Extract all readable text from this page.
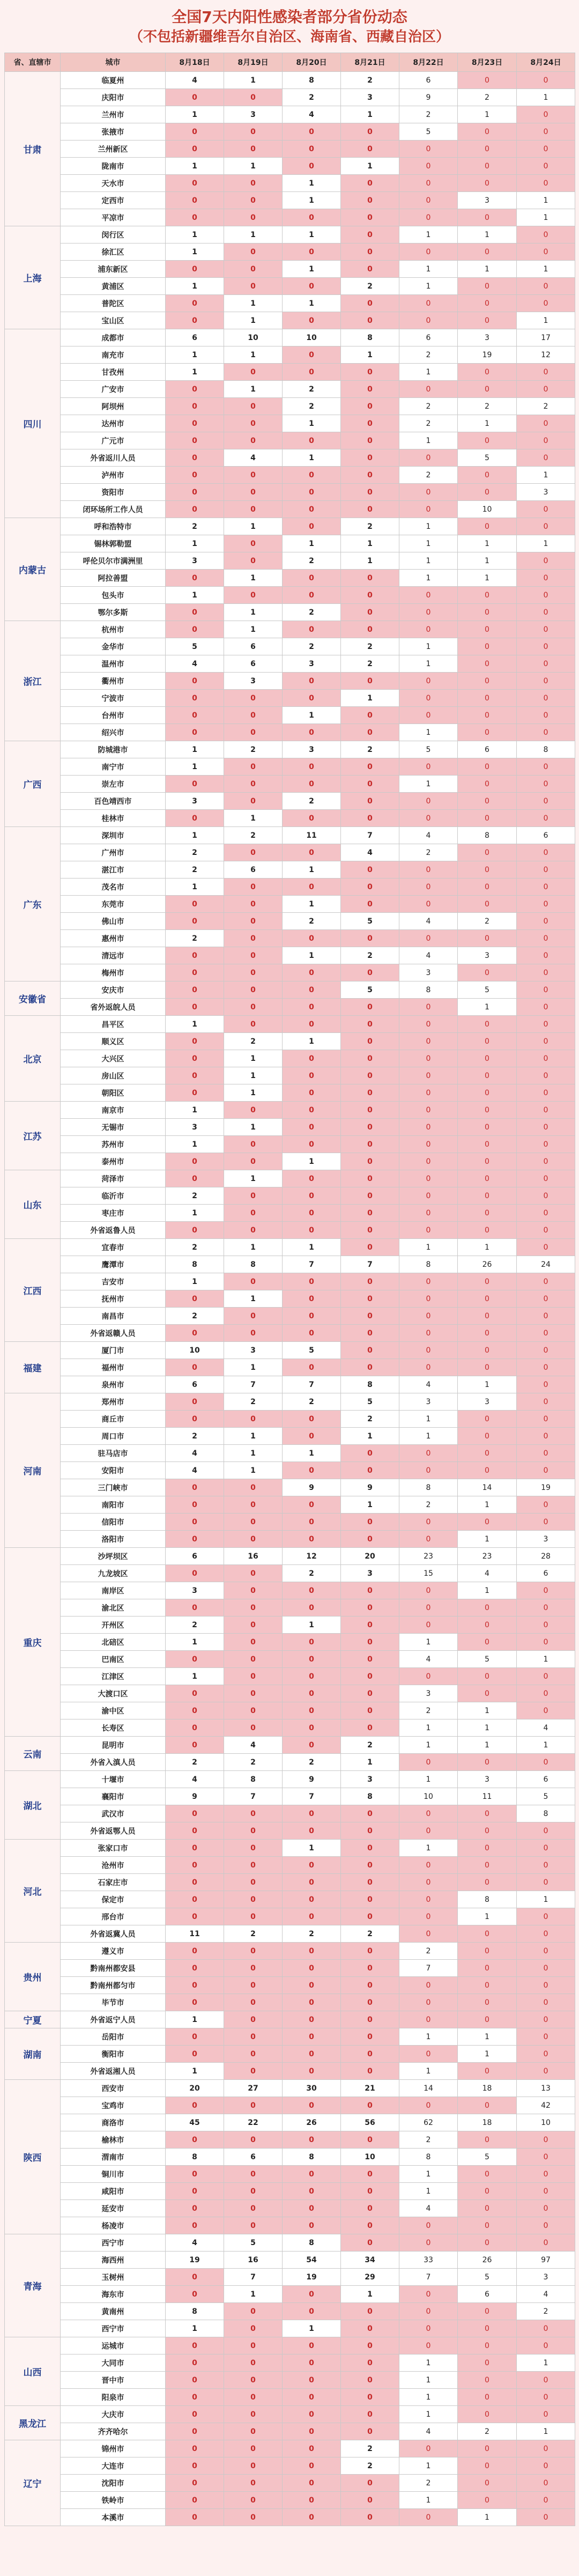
全国7天内阳性感染者部分省份动态
（不包括新疆维吾尔自治区、海南省、西藏自治区）
省、直辖市	城市	8月18日	8月19日	8月20日	8月21日	8月22日	8月23日	8月24日
甘肃	临夏州	4	1	8	2	6	0	0
	庆阳市	0	0	2	3	9	2	1
	兰州市	1	3	4	1	2	1	0
	张掖市	0	0	0	0	5	0	0
	兰州新区	0	0	0	0	0	0	0
	陇南市	1	1	0	1	0	0	0
	天水市	0	0	1	0	0	0	0
	定西市	0	0	1	0	0	3	1
	平凉市	0	0	0	0	0	0	1
上海	闵行区	1	1	1	0	1	1	0
	徐汇区	1	0	0	0	0	0	0
	浦东新区	0	0	1	0	1	1	1
	黄浦区	1	0	0	2	1	0	0
	普陀区	0	1	1	0	0	0	0
	宝山区	0	1	0	0	0	0	1
四川	成都市	6	10	10	8	6	3	17
	南充市	1	1	0	1	2	19	12
	甘孜州	1	0	0	0	1	0	0
	广安市	0	1	2	0	0	0	0
	阿坝州	0	0	2	0	2	2	2
	达州市	0	0	1	0	2	1	0
	广元市	0	0	0	0	1	0	0
	外省返川人员	0	4	1	0	0	5	0
	泸州市	0	0	0	0	2	0	1
	资阳市	0	0	0	0	0	0	3
	闭环场所工作人员	0	0	0	0	0	10	0
内蒙古	呼和浩特市	2	1	0	2	1	0	0
	锡林郭勒盟	1	0	1	1	1	1	1
	呼伦贝尔市满洲里	3	0	2	1	1	1	0
	阿拉善盟	0	1	0	0	1	1	0
	包头市	1	0	0	0	0	0	0
	鄂尔多斯	0	1	2	0	0	0	0
浙江	杭州市	0	1	0	0	0	0	0
	金华市	5	6	2	2	1	0	0
	温州市	4	6	3	2	1	0	0
	衢州市	0	3	0	0	0	0	0
	宁波市	0	0	0	1	0	0	0
	台州市	0	0	1	0	0	0	0
	绍兴市	0	0	0	0	1	0	0
广西	防城港市	1	2	3	2	5	6	8
	南宁市	1	0	0	0	0	0	0
	崇左市	0	0	0	0	1	0	0
	百色靖西市	3	0	2	0	0	0	0
	桂林市	0	1	0	0	0	0	0
广东	深圳市	1	2	11	7	4	8	6
	广州市	2	0	0	4	2	0	0
	湛江市	2	6	1	0	0	0	0
	茂名市	1	0	0	0	0	0	0
	东莞市	0	0	1	0	0	0	0
	佛山市	0	0	2	5	4	2	0
	惠州市	2	0	0	0	0	0	0
	清远市	0	0	1	2	4	3	0
	梅州市	0	0	0	0	3	0	0
安徽省	安庆市	0	0	0	5	8	5	0
	省外返皖人员	0	0	0	0	0	1	0
北京	昌平区	1	0	0	0	0	0	0
	顺义区	0	2	1	0	0	0	0
	大兴区	0	1	0	0	0	0	0
	房山区	0	1	0	0	0	0	0
	朝阳区	0	1	0	0	0	0	0
江苏	南京市	1	0	0	0	0	0	0
	无锡市	3	1	0	0	0	0	0
	苏州市	1	0	0	0	0	0	0
	泰州市	0	0	1	0	0	0	0
山东	菏泽市	0	1	0	0	0	0	0
	临沂市	2	0	0	0	0	0	0
	枣庄市	1	0	0	0	0	0	0
	外省返鲁人员	0	0	0	0	0	0	0
江西	宜春市	2	1	1	0	1	1	0
	鹰潭市	8	8	7	7	8	26	24
	吉安市	1	0	0	0	0	0	0
	抚州市	0	1	0	0	0	0	0
	南昌市	2	0	0	0	0	0	0
	外省返赣人员	0	0	0	0	0	0	0
福建	厦门市	10	3	5	0	0	0	0
	福州市	0	1	0	0	0	0	0
	泉州市	6	7	7	8	4	1	0
河南	郑州市	0	2	2	5	3	3	0
	商丘市	0	0	0	2	1	0	0
	周口市	2	1	0	1	1	0	0
	驻马店市	4	1	1	0	0	0	0
	安阳市	4	1	0	0	0	0	0
	三门峡市	0	0	9	9	8	14	19
	南阳市	0	0	0	1	2	1	0
	信阳市	0	0	0	0	0	0	0
	洛阳市	0	0	0	0	0	1	3
重庆	沙坪坝区	6	16	12	20	23	23	28
	九龙坡区	0	0	2	3	15	4	6
	南岸区	3	0	0	0	0	1	0
	渝北区	0	0	0	0	0	0	0
	开州区	2	0	1	0	0	0	0
	北碚区	1	0	0	0	1	0	0
	巴南区	0	0	0	0	4	5	1
	江津区	1	0	0	0	0	0	0
	大渡口区	0	0	0	0	3	0	0
	渝中区	0	0	0	0	2	1	0
	长寿区	0	0	0	0	1	1	4
云南	昆明市	0	4	0	2	1	1	1
	外省入滇人员	2	2	2	1	0	0	0
湖北	十堰市	4	8	9	3	1	3	6
	襄阳市	9	7	7	8	10	11	5
	武汉市	0	0	0	0	0	0	8
	外省返鄂人员	0	0	0	0	0	0	0
河北	张家口市	0	0	1	0	1	0	0
	沧州市	0	0	0	0	0	0	0
	石家庄市	0	0	0	0	0	0	0
	保定市	0	0	0	0	0	8	1
	邢台市	0	0	0	0	0	1	0
	外省返冀人员	11	2	2	2	0	0	0
贵州	遵义市	0	0	0	0	2	0	0
	黔南州都安县	0	0	0	0	7	0	0
	黔南州都匀市	0	0	0	0	0	0	0
	毕节市	0	0	0	0	0	0	0
宁夏	外省返宁人员	1	0	0	0	0	0	0
湖南	岳阳市	0	0	0	0	1	1	0
	衡阳市	0	0	0	0	0	1	0
	外省返湘人员	1	0	0	0	1	0	0
陕西	西安市	20	27	30	21	14	18	13
	宝鸡市	0	0	0	0	0	0	42
	商洛市	45	22	26	56	62	18	10
	榆林市	0	0	0	0	2	0	0
	渭南市	8	6	8	10	8	5	0
	铜川市	0	0	0	0	1	0	0
	咸阳市	0	0	0	0	1	0	0
	延安市	0	0	0	0	4	0	0
	杨凌市	0	0	0	0	0	0	0
青海	西宁市	4	5	8	0	0	0	0
	海西州	19	16	54	34	33	26	97
	玉树州	0	7	19	29	7	5	3
	海东市	0	1	0	1	0	6	4
	黄南州	8	0	0	0	0	0	2
	西宁市	1	0	1	0	0	0	0
山西	运城市	0	0	0	0	0	0	0
	大同市	0	0	0	0	1	0	1
	晋中市	0	0	0	0	1	0	0
	阳泉市	0	0	0	0	1	0	0
黑龙江	大庆市	0	0	0	0	1	0	0
	齐齐哈尔	0	0	0	0	4	2	1
辽宁	锦州市	0	0	0	2	0	0	0
	大连市	0	0	0	2	1	0	0
	沈阳市	0	0	0	0	2	0	0
	铁岭市	0	0	0	0	1	0	0
	本溪市	0	0	0	0	0	1	0
